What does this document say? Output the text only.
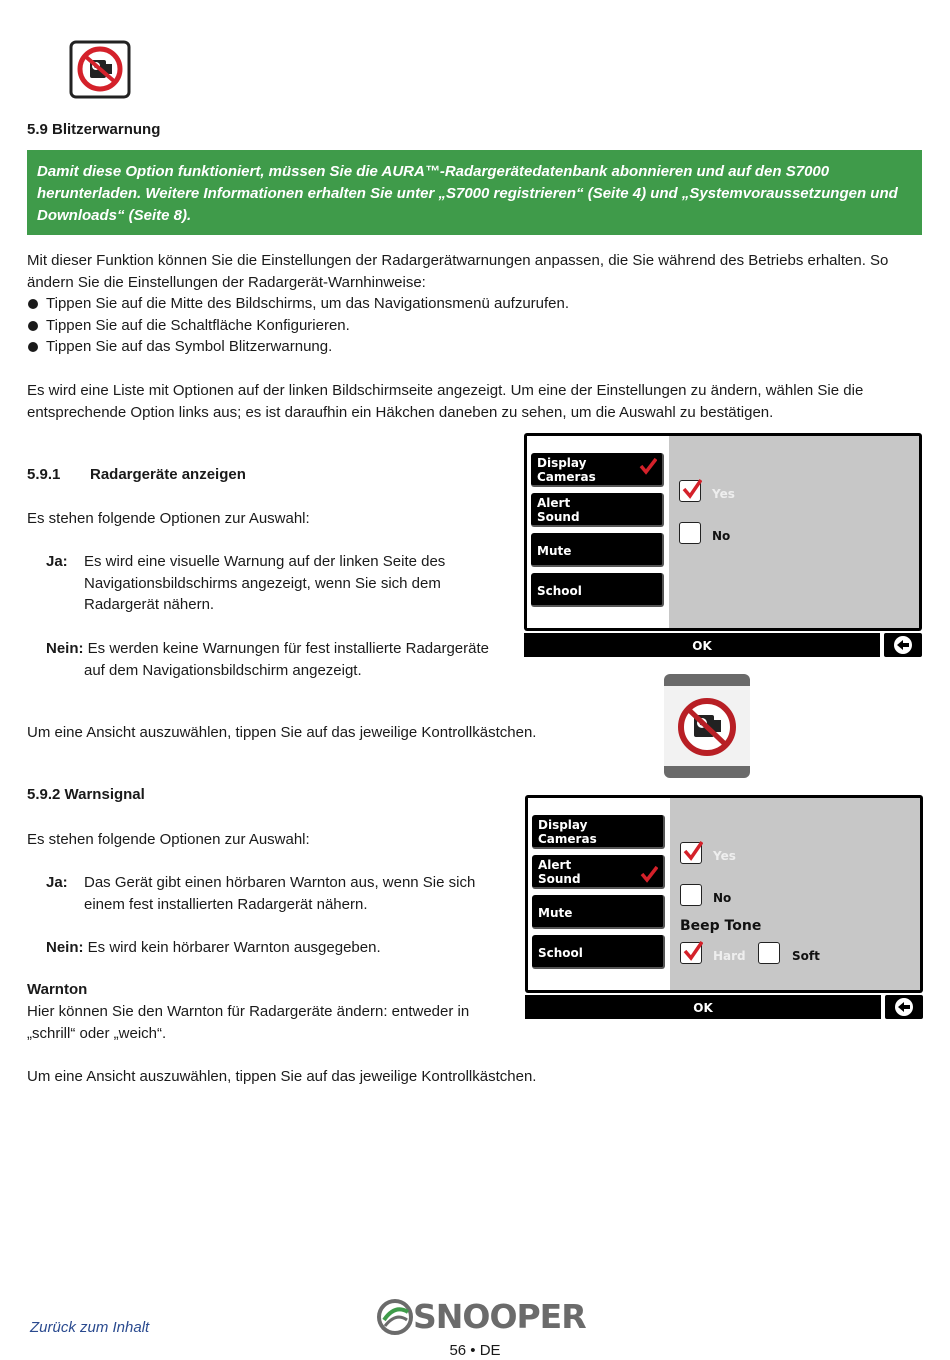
5.9 Blitzerwarnung

Damit diese Option funktioniert, müssen Sie die AURA™-Radargerätedatenbank abonnieren und auf den S7000 herunterladen. Weitere Informationen erhalten Sie unter „S7000 registrieren“ (Seite 4) und „Systemvoraussetzungen und Downloads“ (Seite 8).

Mit dieser Funktion können Sie die Einstellungen der Radargerätwarnungen anpassen, die Sie während des Betriebs erhalten. So ändern Sie die Einstellungen der Radargerät-Warnhinweise:

Tippen Sie auf die Mitte des Bildschirms, um das Navigationsmenü aufzurufen.
Tippen Sie auf die Schaltfläche Konfigurieren.
Tippen Sie auf das Symbol Blitzerwarnung.

Es wird eine Liste mit Optionen auf der linken Bildschirmseite angezeigt. Um eine der Einstellungen zu ändern, wählen Sie die entsprechende Option links aus; es ist daraufhin ein Häkchen daneben zu sehen, um die Auswahl zu bestätigen.

5.9.1 Radargeräte anzeigen

Es stehen folgende Optionen zur Auswahl:

Ja: Es wird eine visuelle Warnung auf der linken Seite des
Navigationsbildschirms angezeigt, wenn Sie sich dem Radargerät nähern.
Nein: Es werden keine Warnungen für fest installierte Radargeräte
auf dem Navigationsbildschirm angezeigt.

Um eine Ansicht auszuwählen, tippen Sie auf das jeweilige Kontrollkästchen.

Display
Cameras
Alert
Sound
Mute
School
Yes
No
OK

5.9.2 Warnsignal

Es stehen folgende Optionen zur Auswahl:

Ja: Das Gerät gibt einen hörbaren Warnton aus, wenn Sie sich
einem fest installierten Radargerät nähern.
Nein: Es wird kein hörbarer Warnton ausgegeben.

Warnton

Hier können Sie den Warnton für Radargeräte ändern: entweder in „schrill“ oder „weich“.

Um eine Ansicht auszuwählen, tippen Sie auf das jeweilige Kontrollkästchen.

Display
Cameras
Alert
Sound
Mute
School
Yes
No
Beep Tone
Hard	Soft
OK
Zurück zum Inhalt	SNOOPER
56 • DE
